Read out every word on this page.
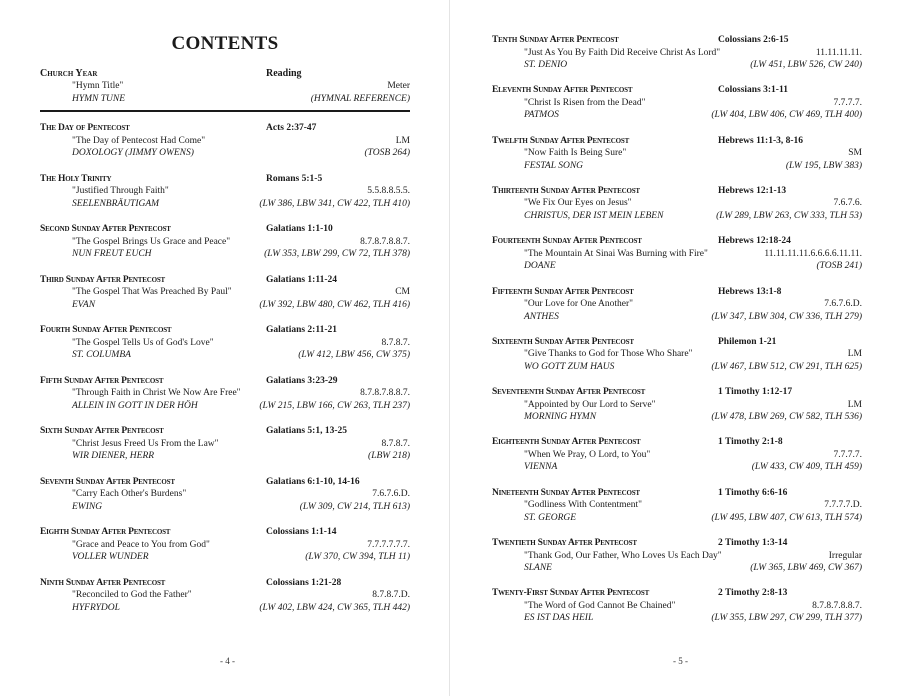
CONTENTS
Church Year	Reading
"Hymn Title"	Meter
HYMN TUNE	(HYMNAL REFERENCE)
The Day of Pentecost	Acts 2:37-47
"The Day of Pentecost Had Come"	LM
DOXOLOGY (JIMMY OWENS)	(TOSB 264)
The Holy Trinity	Romans 5:1-5
"Justified Through Faith"	5.5.8.8.5.5.
SEELENBRÄUTIGAM	(LW 386, LBW 341, CW 422, TLH 410)
Second Sunday After Pentecost	Galatians 1:1-10
"The Gospel Brings Us Grace and Peace"	8.7.8.7.8.8.7.
NUN FREUT EUCH	(LW 353, LBW 299, CW 72, TLH 378)
Third Sunday After Pentecost	Galatians 1:11-24
"The Gospel That Was Preached By Paul"	CM
EVAN	(LW 392, LBW 480, CW 462, TLH 416)
Fourth Sunday After Pentecost	Galatians 2:11-21
"The Gospel Tells Us of God's Love"	8.7.8.7.
ST. COLUMBA	(LW 412, LBW 456, CW 375)
Fifth Sunday After Pentecost	Galatians 3:23-29
"Through Faith in Christ We Now Are Free"	8.7.8.7.8.8.7.
ALLEIN IN GOTT IN DER HÖH	(LW 215, LBW 166, CW 263, TLH 237)
Sixth Sunday After Pentecost	Galatians 5:1, 13-25
"Christ Jesus Freed Us From the Law"	8.7.8.7.
WIR DIENER, HERR	(LBW 218)
Seventh Sunday After Pentecost	Galatians 6:1-10, 14-16
"Carry Each Other's Burdens"	7.6.7.6.D.
EWING	(LW 309, CW 214, TLH 613)
Eighth Sunday After Pentecost	Colossians 1:1-14
"Grace and Peace to You from God"	7.7.7.7.7.7.
VOLLER WUNDER	(LW 370, CW 394, TLH 11)
Ninth Sunday After Pentecost	Colossians 1:21-28
"Reconciled to God the Father"	8.7.8.7.D.
HYFRYDOL	(LW 402, LBW 424, CW 365, TLH 442)
- 4 -
Tenth Sunday After Pentecost	Colossians 2:6-15
"Just As You By Faith Did Receive Christ As Lord"	11.11.11.11.
ST. DENIO	(LW 451, LBW 526, CW 240)
Eleventh Sunday After Pentecost	Colossians 3:1-11
"Christ Is Risen from the Dead"	7.7.7.7.
PATMOS	(LW 404, LBW 406, CW 469, TLH 400)
Twelfth Sunday After Pentecost	Hebrews 11:1-3, 8-16
"Now Faith Is Being Sure"	SM
FESTAL SONG	(LW 195, LBW 383)
Thirteenth Sunday After Pentecost	Hebrews 12:1-13
"We Fix Our Eyes on Jesus"	7.6.7.6.
CHRISTUS, DER IST MEIN LEBEN	(LW 289, LBW 263, CW 333, TLH 53)
Fourteenth Sunday After Pentecost	Hebrews 12:18-24
"The Mountain At Sinai Was Burning with Fire"	11.11.11.11.6.6.6.6.11.11.
DOANE	(TOSB 241)
Fifteenth Sunday After Pentecost	Hebrews 13:1-8
"Our Love for One Another"	7.6.7.6.D.
ANTHES	(LW 347, LBW 304, CW 336, TLH 279)
Sixteenth Sunday After Pentecost	Philemon 1-21
"Give Thanks to God for Those Who Share"	LM
WO GOTT ZUM HAUS	(LW 467, LBW 512, CW 291, TLH 625)
Seventeenth Sunday After Pentecost	1 Timothy 1:12-17
"Appointed by Our Lord to Serve"	LM
MORNING HYMN	(LW 478, LBW 269, CW 582, TLH 536)
Eighteenth Sunday After Pentecost	1 Timothy 2:1-8
"When We Pray, O Lord, to You"	7.7.7.7.
VIENNA	(LW 433, CW 409, TLH 459)
Nineteenth Sunday After Pentecost	1 Timothy 6:6-16
"Godliness With Contentment"	7.7.7.7.D.
ST. GEORGE	(LW 495, LBW 407, CW 613, TLH 574)
Twentieth Sunday After Pentecost	2 Timothy 1:3-14
"Thank God, Our Father, Who Loves Us Each Day"	Irregular
SLANE	(LW 365, LBW 469, CW 367)
Twenty-First Sunday After Pentecost	2 Timothy 2:8-13
"The Word of God Cannot Be Chained"	8.7.8.7.8.8.7.
ES IST DAS HEIL	(LW 355, LBW 297, CW 299, TLH 377)
- 5 -
